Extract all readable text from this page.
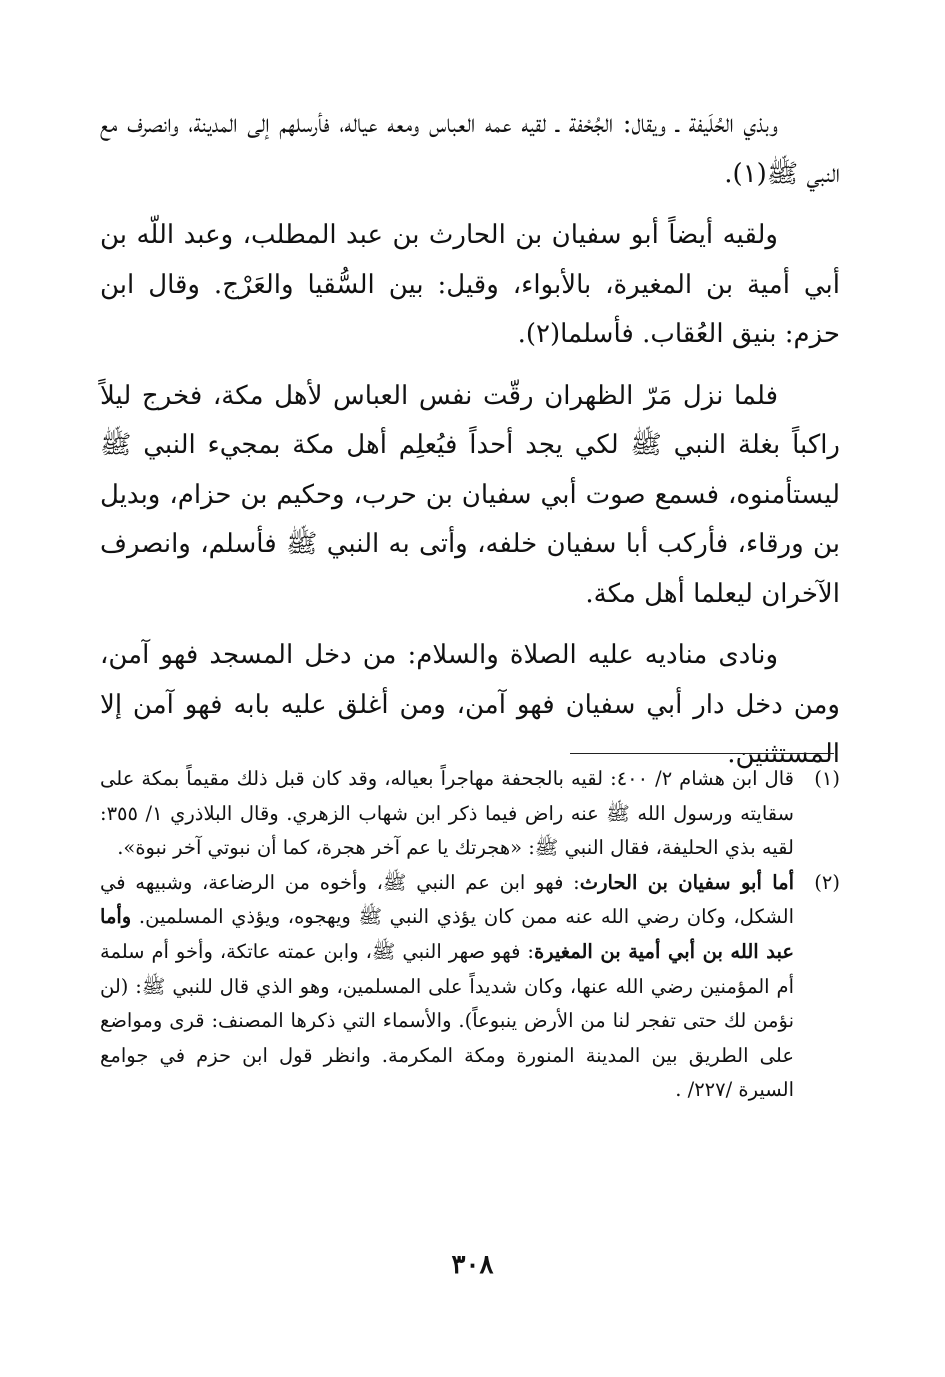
وبذي الحُلَيفة ـ ويقال: الجُحْفة ـ لقيه عمه العباس ومعه عياله، فأرسلهم إلى المدينة، وانصرف مع النبي ﷺ(١).

ولقيه أيضاً أبو سفيان بن الحارث بن عبد المطلب، وعبد اللّه بن أبي أمية بن المغيرة، بالأبواء، وقيل: بين السُّقيا والعَرْج. وقال ابن حزم: بنيق العُقاب. فأسلما(٢).

فلما نزل مَرّ الظهران رقّت نفس العباس لأهل مكة، فخرج ليلاً راكباً بغلة النبي ﷺ لكي يجد أحداً فيُعلِم أهل مكة بمجيء النبي ﷺ ليستأمنوه، فسمع صوت أبي سفيان بن حرب، وحكيم بن حزام، وبديل بن ورقاء، فأركب أبا سفيان خلفه، وأتى به النبي ﷺ فأسلم، وانصرف الآخران ليعلما أهل مكة.

ونادى مناديه عليه الصلاة والسلام: من دخل المسجد فهو آمن، ومن دخل دار أبي سفيان فهو آمن، ومن أغلق عليه بابه فهو آمن إلا المستثنين.

(١)
قال ابن هشام ٢/ ٤٠٠: لقيه بالجحفة مهاجراً بعياله، وقد كان قبل ذلك مقيماً بمكة على سقايته ورسول الله ﷺ عنه راض فيما ذكر ابن شهاب الزهري. وقال البلاذري ١/ ٣٥٥: لقيه بذي الحليفة، فقال النبي ﷺ: «هجرتك يا عم آخر هجرة، كما أن نبوتي آخر نبوة».
(٢)
أما أبو سفيان بن الحارث: فهو ابن عم النبي ﷺ، وأخوه من الرضاعة، وشبيهه في الشكل، وكان رضي الله عنه ممن كان يؤذي النبي ﷺ ويهجوه، ويؤذي المسلمين. وأما عبد الله بن أبي أمية بن المغيرة: فهو صهر النبي ﷺ، وابن عمته عاتكة، وأخو أم سلمة أم المؤمنين رضي الله عنها، وكان شديداً على المسلمين، وهو الذي قال للنبي ﷺ: (لن نؤمن لك حتى تفجر لنا من الأرض ينبوعاً). والأسماء التي ذكرها المصنف: قرى ومواضع على الطريق بين المدينة المنورة ومكة المكرمة. وانظر قول ابن حزم في جوامع السيرة /٢٢٧/ .
٣٠٨
